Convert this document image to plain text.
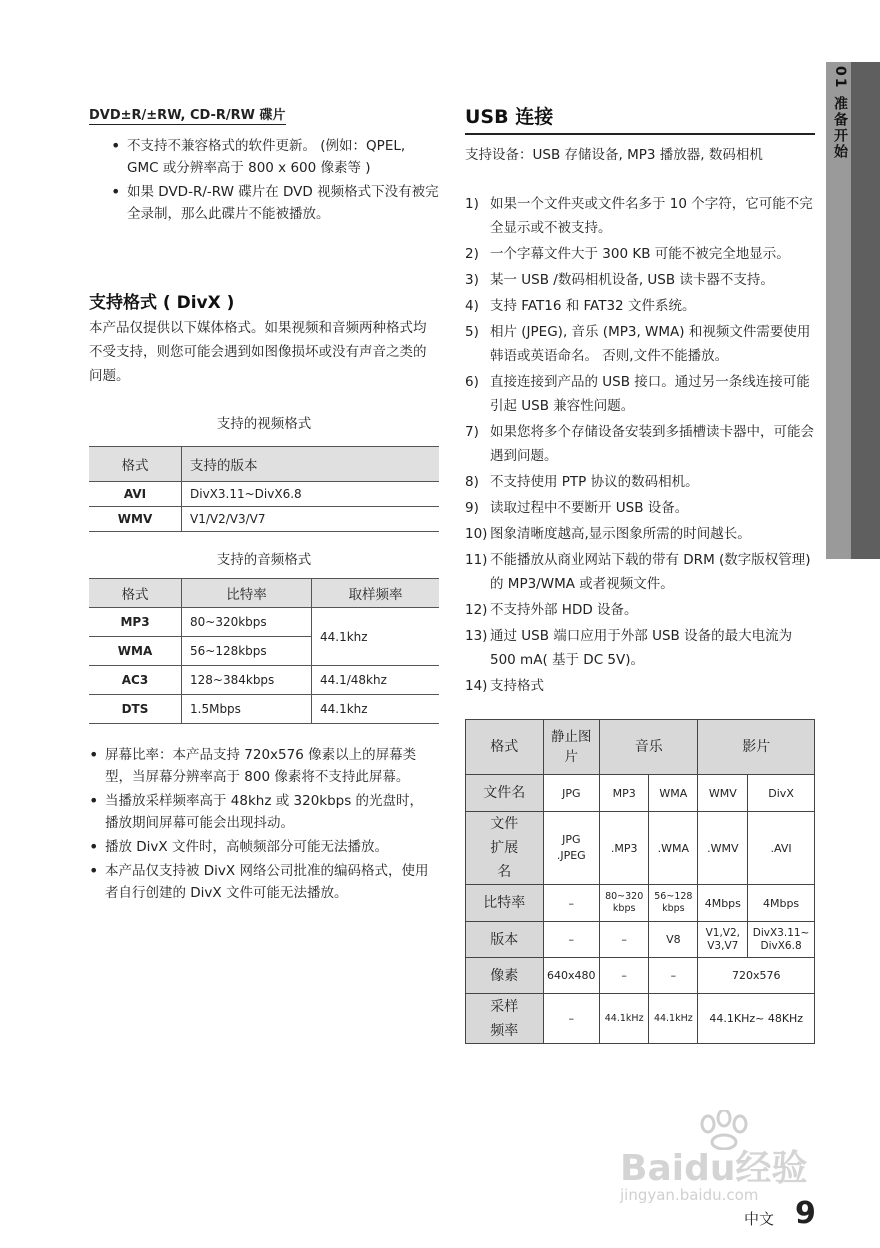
01 准备开始
DVD±R/±RW, CD-R/RW 碟片
• 不支持不兼容格式的软件更新。 (例如：QPEL, GMC 或分辨率高于 800 x 600 像素等 )
• 如果 DVD-R/-RW 碟片在 DVD 视频格式下没有被完全录制，那么此碟片不能被播放。
支持格式 ( DivX )
本产品仅提供以下媒体格式。如果视频和音频两种格式均不受支持，则您可能会遇到如图像损坏或没有声音之类的问题。
支持的视频格式
格式	支持的版本
AVI	DivX3.11~DivX6.8
WMV	V1/V2/V3/V7
支持的音频格式
格式	比特率	取样频率
MP3	80~320kbps	44.1khz
WMA	56~128kbps	
AC3	128~384kbps	44.1/48khz
DTS	1.5Mbps	44.1khz
• 屏幕比率：本产品支持 720x576 像素以上的屏幕类型，当屏幕分辨率高于 800 像素将不支持此屏幕。
• 当播放采样频率高于 48khz 或 320kbps 的光盘时，播放期间屏幕可能会出现抖动。
• 播放 DivX 文件时，高帧频部分可能无法播放。
• 本产品仅支持被 DivX 网络公司批准的编码格式，使用者自行创建的 DivX 文件可能无法播放。
USB 连接
支持设备：USB 存储设备, MP3 播放器, 数码相机
1) 如果一个文件夹或文件名多于 10 个字符，它可能不完全显示或不被支持。
2) 一个字幕文件大于 300 KB 可能不被完全地显示。
3) 某一 USB /数码相机设备, USB 读卡器不支持。
4) 支持 FAT16 和 FAT32 文件系统。
5) 相片 (JPEG), 音乐 (MP3, WMA) 和视频文件需要使用韩语或英语命名。 否则,文件不能播放。
6) 直接连接到产品的 USB 接口。通过另一条线连接可能引起 USB 兼容性问题。
7) 如果您将多个存储设备安装到多插槽读卡器中，可能会遇到问题。
8) 不支持使用 PTP 协议的数码相机。
9) 读取过程中不要断开 USB 设备。
10) 图象清晰度越高,显示图象所需的时间越长。
11) 不能播放从商业网站下载的带有 DRM (数字版权管理)的 MP3/WMA 或者视频文件。
12) 不支持外部 HDD 设备。
13) 通过 USB 端口应用于外部 USB 设备的最大电流为 500 mA( 基于 DC 5V)。
14) 支持格式
格式	静止图片	音乐		影片	
文件名	JPG	MP3	WMA	WMV	DivX
文件扩展名	JPG .JPEG	.MP3	.WMA	.WMV	.AVI
比特率	–	80~320 kbps	56~128 kbps	4Mbps	4Mbps
版本	–	–	V8	V1,V2, V3,V7	DivX3.11~ DivX6.8
像素	640x480	–	–	720x576	
采样频率	–	44.1kHz	44.1kHz	44.1KHz~ 48KHz	
Baidu经验
jingyan.baidu.com
中文 9
